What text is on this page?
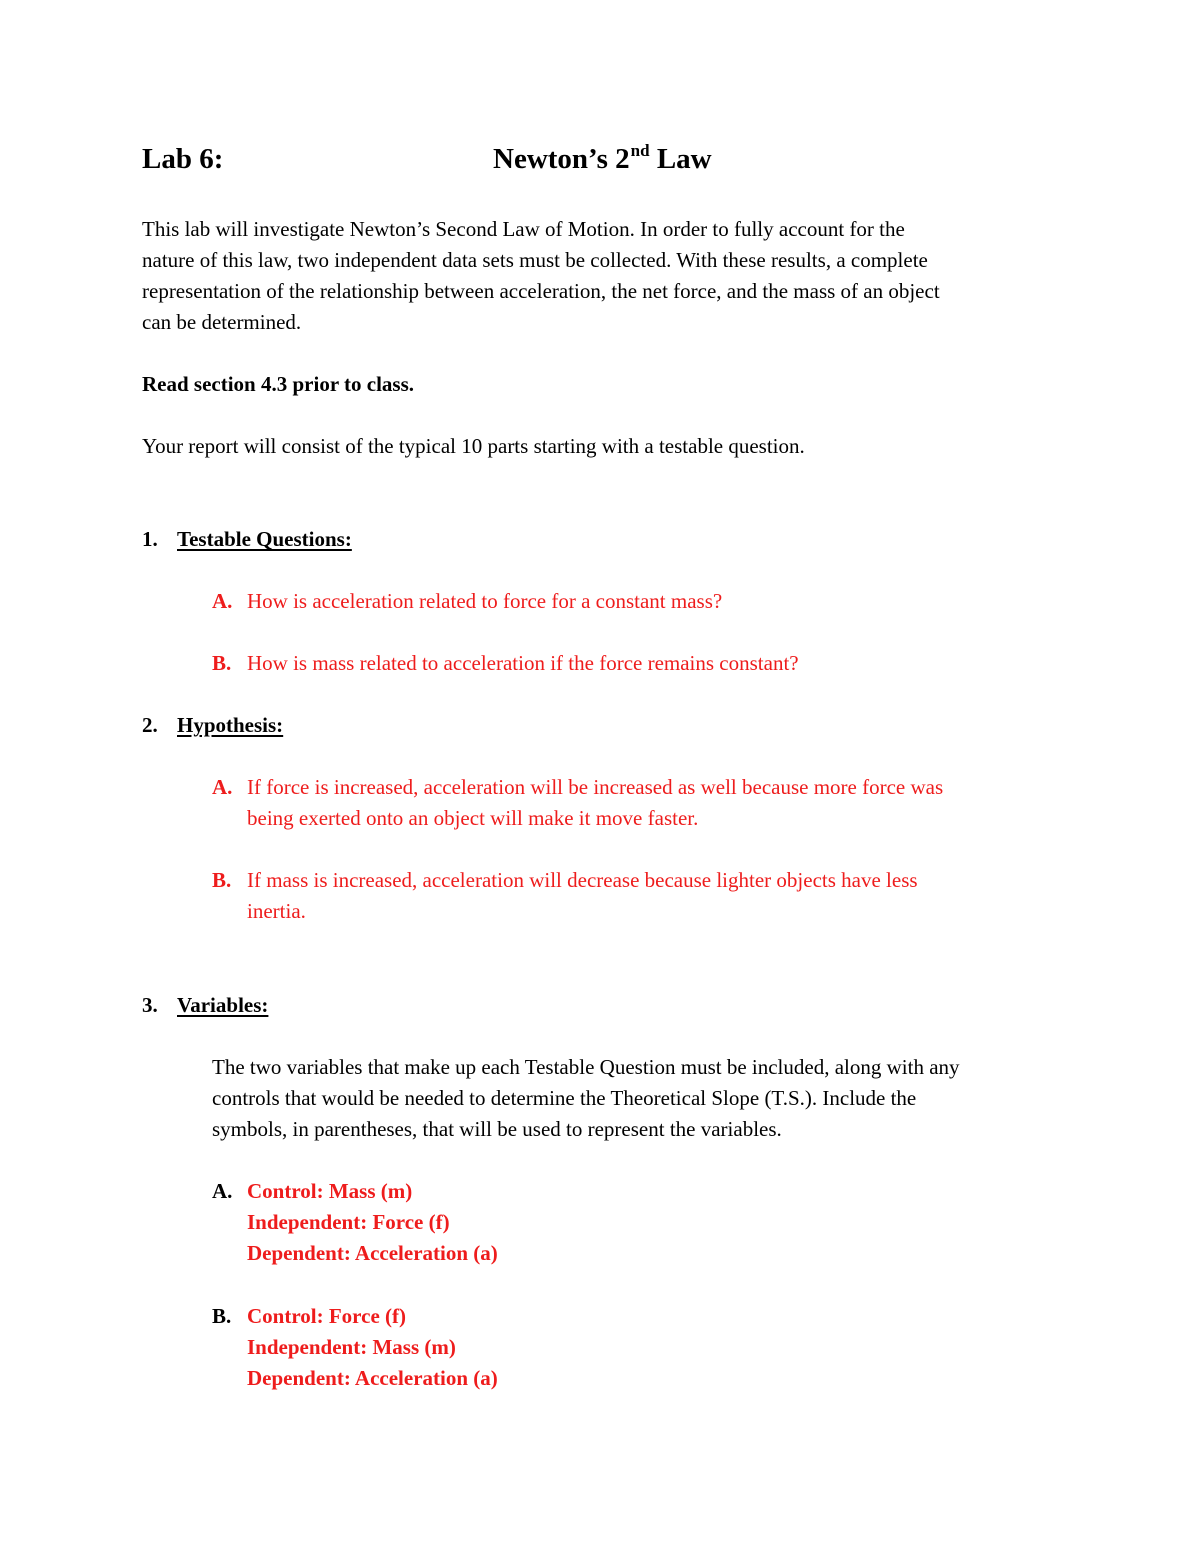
Lab 6:	Newton’s 2nd Law
This lab will investigate Newton’s Second Law of Motion. In order to fully account for the
nature of this law, two independent data sets must be collected. With these results, a complete
representation of the relationship between acceleration, the net force, and the mass of an object
can be determined.
Read section 4.3 prior to class.
Your report will consist of the typical 10 parts starting with a testable question.
1. Testable Questions:
A. How is acceleration related to force for a constant mass?
B. How is mass related to acceleration if the force remains constant?
2. Hypothesis:
A. If force is increased, acceleration will be increased as well because more force was
being exerted onto an object will make it move faster.
B. If mass is increased, acceleration will decrease because lighter objects have less
inertia.
3. Variables:
The two variables that make up each Testable Question must be included, along with any
controls that would be needed to determine the Theoretical Slope (T.S.). Include the
symbols, in parentheses, that will be used to represent the variables.
A. Control: Mass (m)
Independent: Force (f)
Dependent: Acceleration (a)
B. Control: Force (f)
Independent: Mass (m)
Dependent: Acceleration (a)
